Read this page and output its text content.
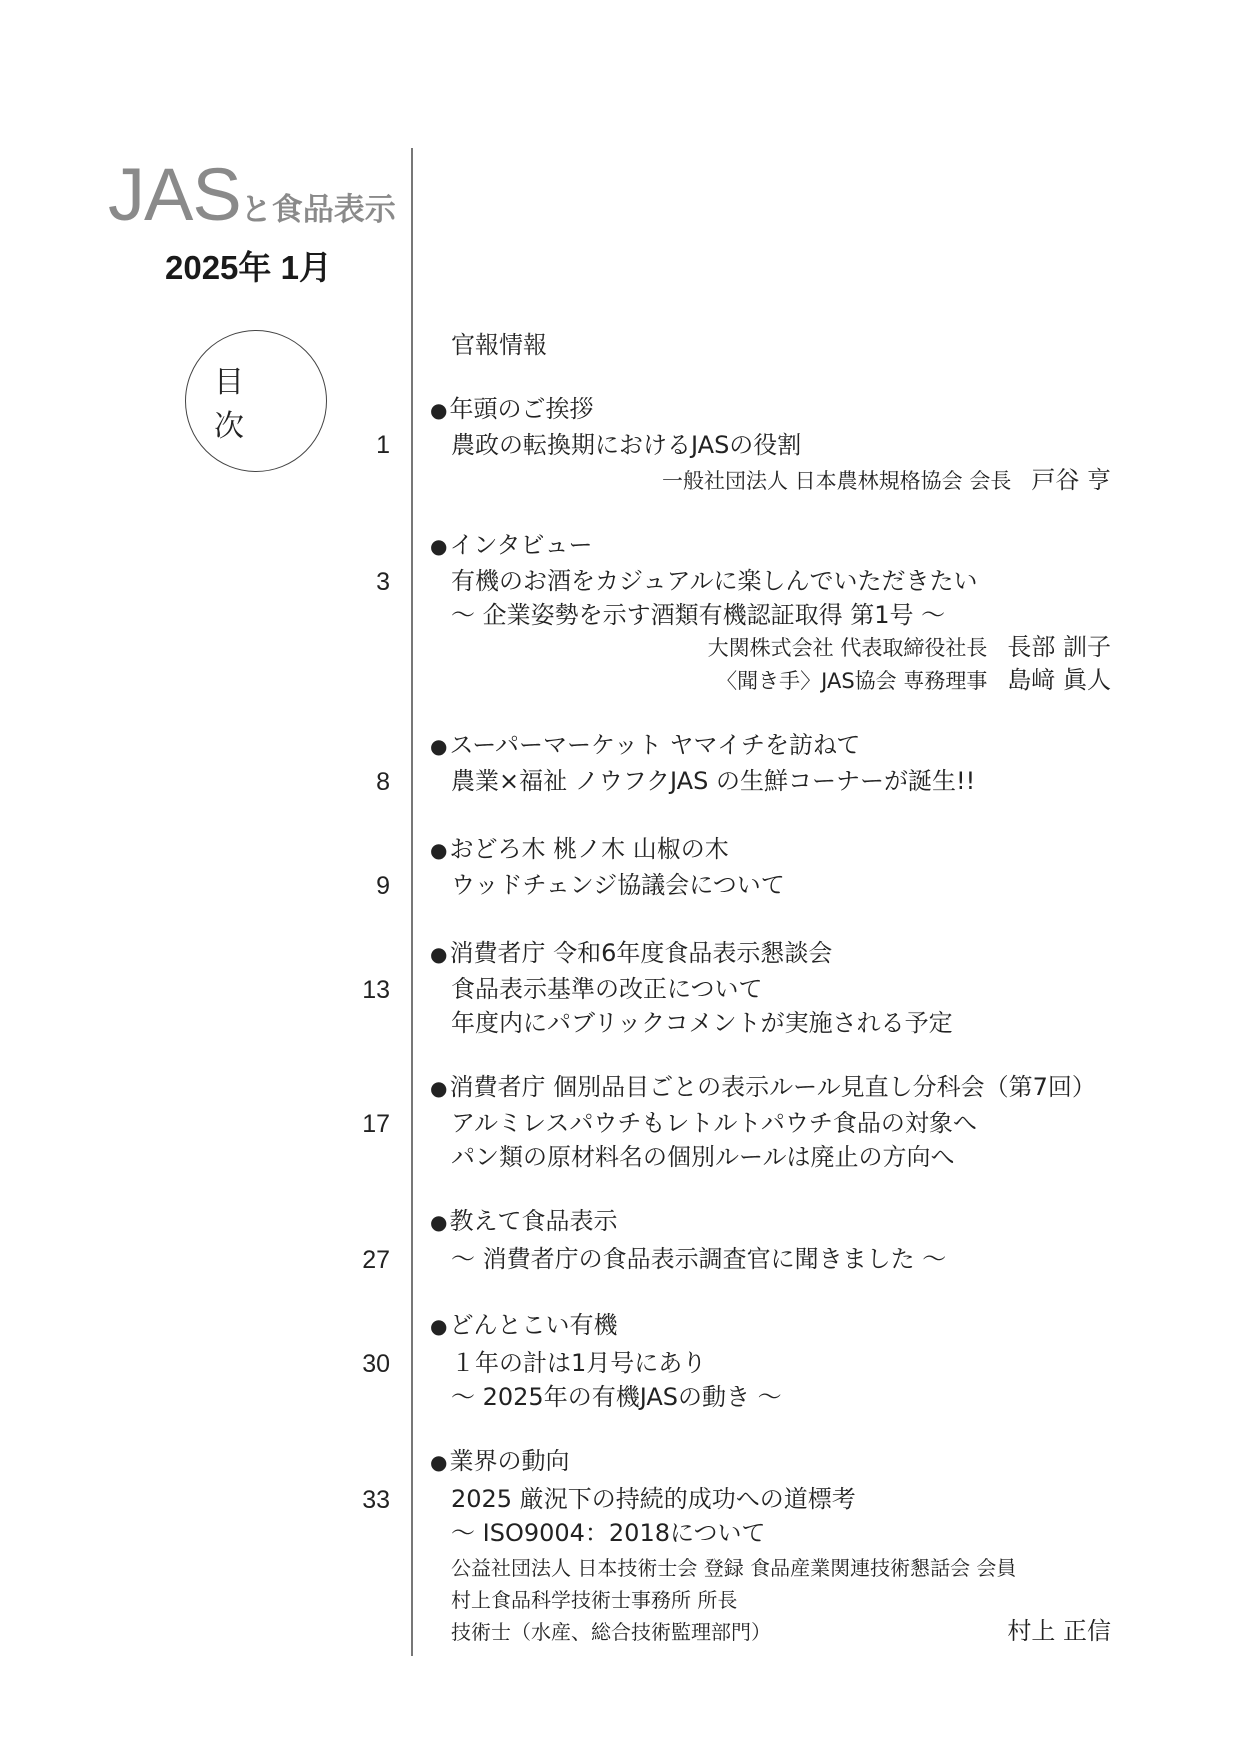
JASと食品表示
2025年 1月
目次
官報情報
●年頭のご挨拶
1	農政の転換期におけるJASの役割
一般社団法人 日本農林規格協会 会長 戸谷 亨
●インタビュー
3	有機のお酒をカジュアルに楽しんでいただきたい
～ 企業姿勢を示す酒類有機認証取得 第1号 ～
大関株式会社 代表取締役社長 長部 訓子
〈聞き手〉JAS協会 専務理事 島﨑 眞人
●スーパーマーケット ヤマイチを訪ねて
8	農業×福祉 ノウフクJAS の生鮮コーナーが誕生!!
●おどろ木 桃ノ木 山椒の木
9	ウッドチェンジ協議会について
●消費者庁 令和6年度食品表示懇談会
13	食品表示基準の改正について
年度内にパブリックコメントが実施される予定
●消費者庁 個別品目ごとの表示ルール見直し分科会（第7回）
17	アルミレスパウチもレトルトパウチ食品の対象へ
パン類の原材料名の個別ルールは廃止の方向へ
●教えて食品表示
27	～ 消費者庁の食品表示調査官に聞きました ～
●どんとこい有機
30	１年の計は1月号にあり
～ 2025年の有機JASの動き ～
●業界の動向
33	2025 厳況下の持続的成功への道標考
～ ISO9004：2018について
公益社団法人 日本技術士会 登録 食品産業関連技術懇話会 会員
村上食品科学技術士事務所 所長
技術士（水産、総合技術監理部門）	村上 正信
